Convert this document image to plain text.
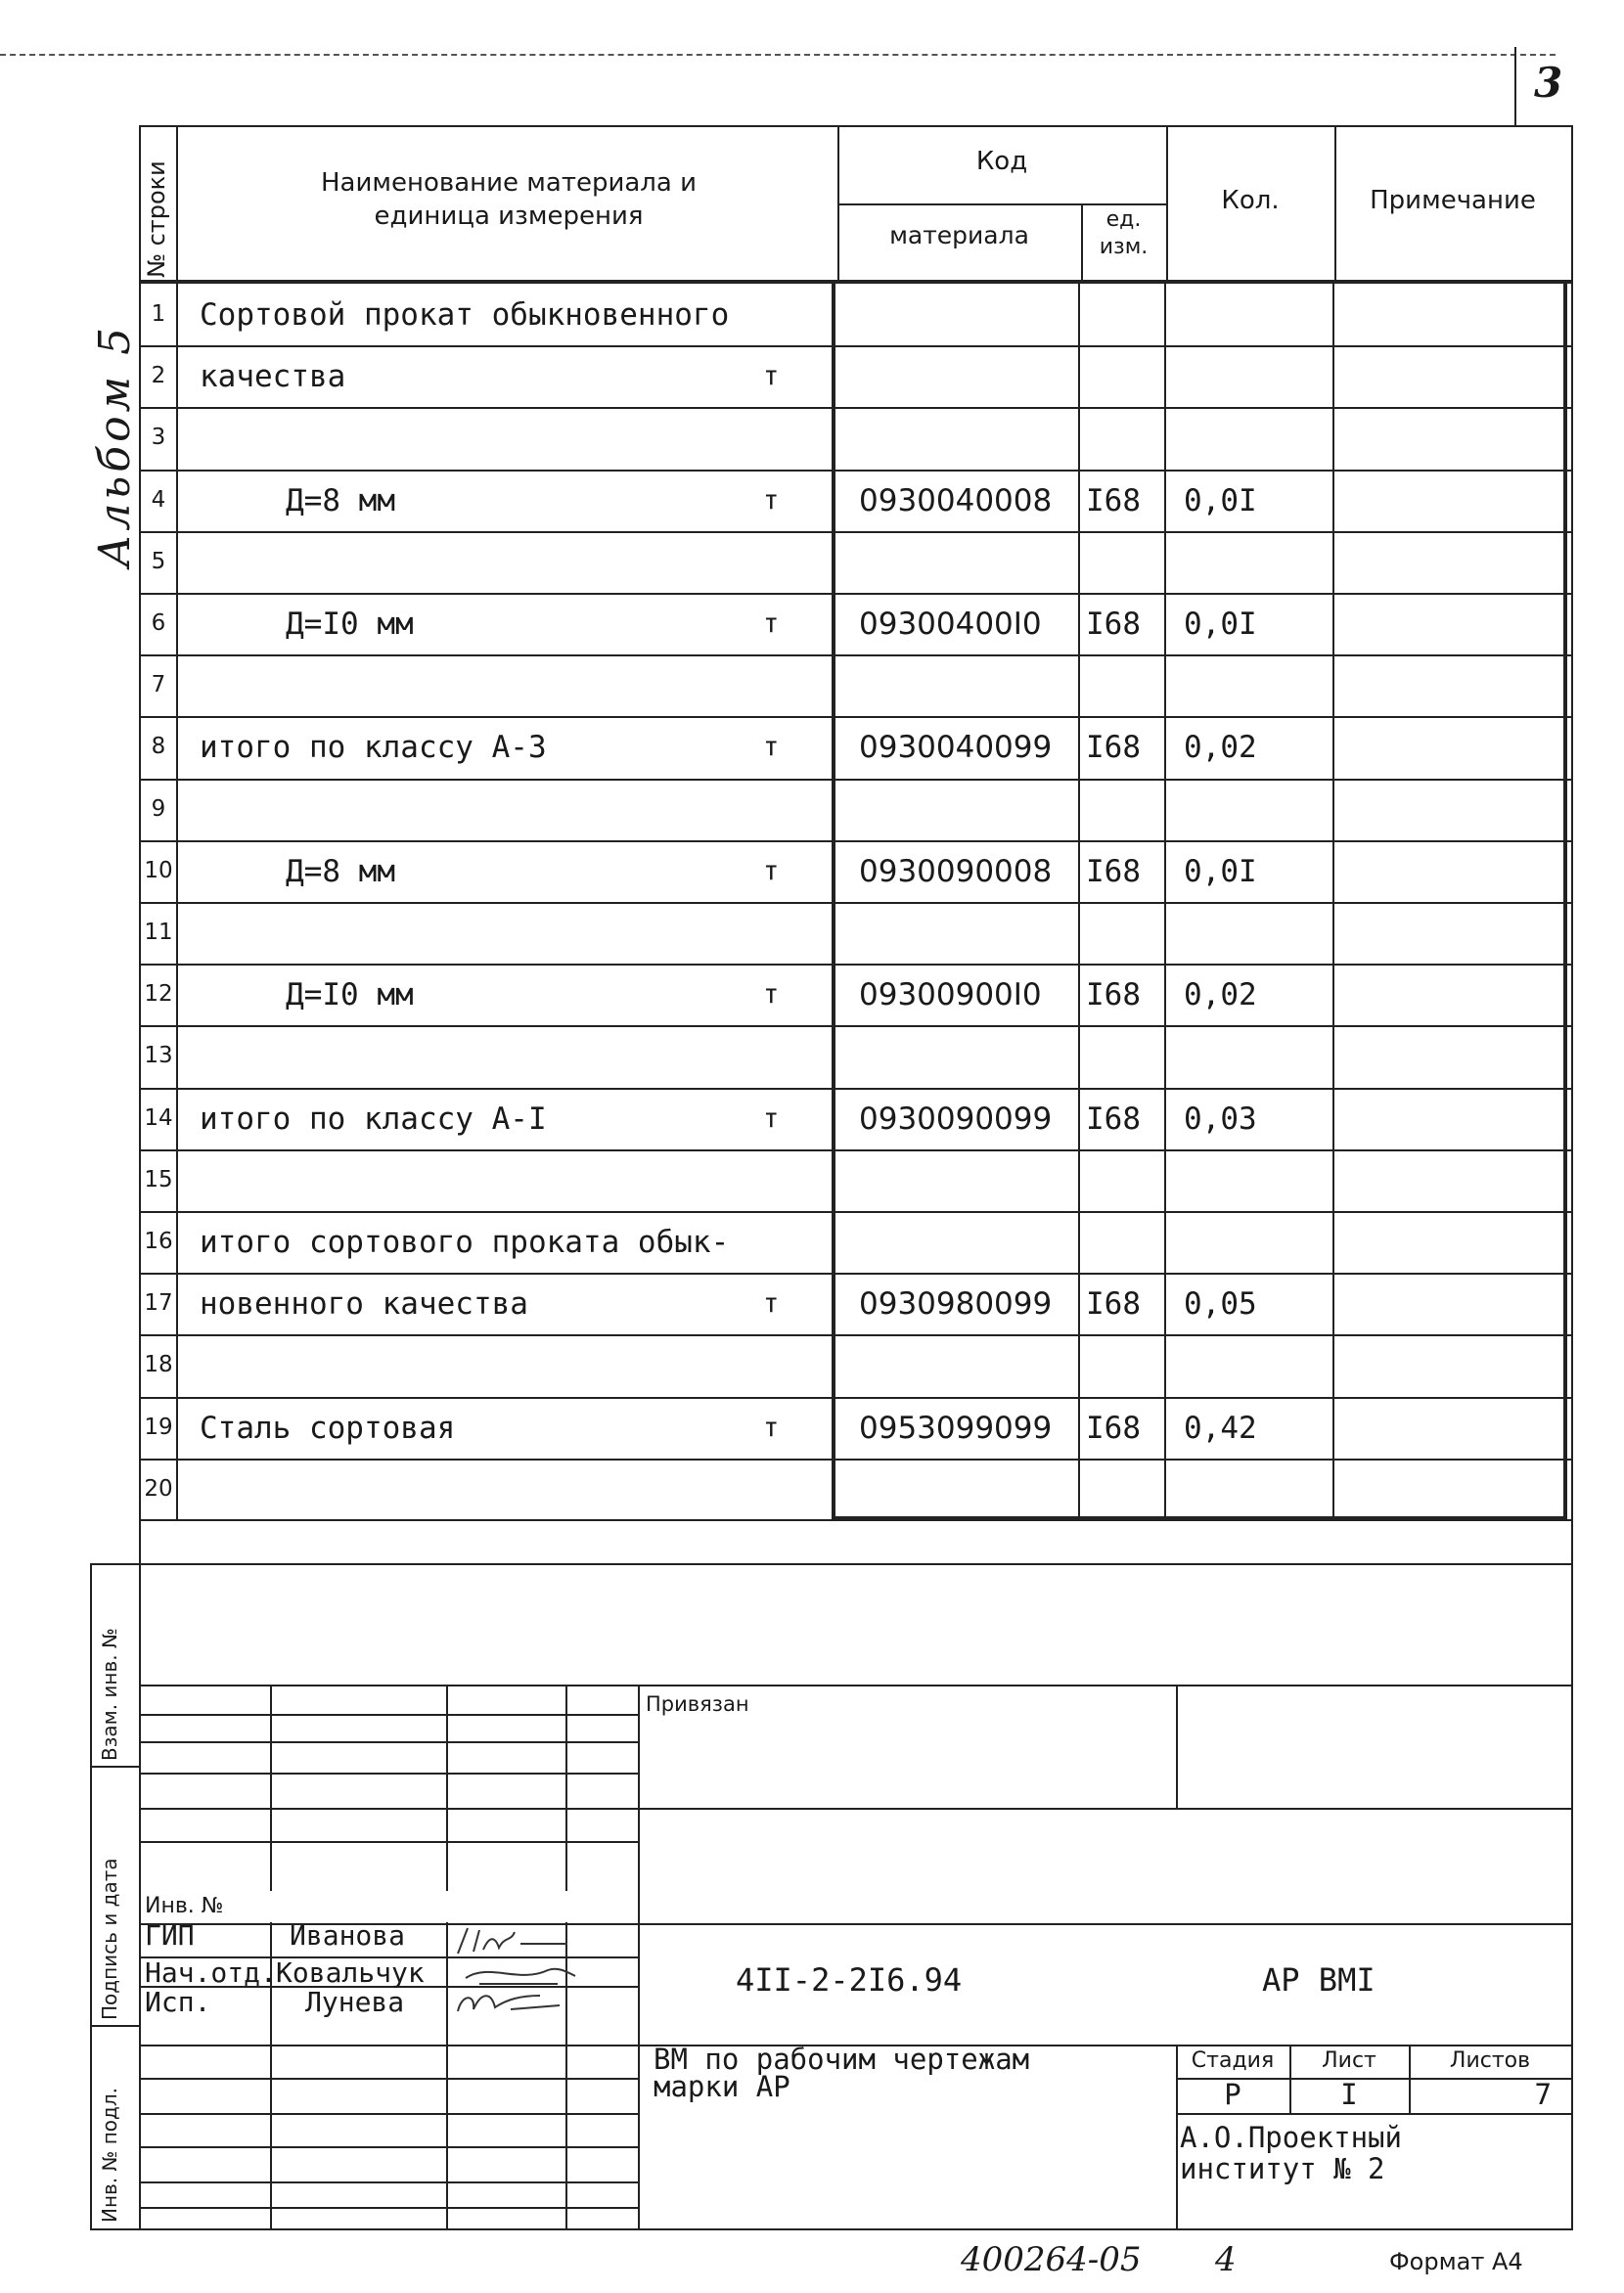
3
Альбом 5
№ строки	Наименование материала и
единица измерения
Код
материала
ед.
изм.
Кол.	Примечание
1	Сортовой прокат обыкновенного
2	качества	т
3
4	Д=8 мм	т	0930040008 I68 0,0I
5
6	Д=I0 мм	т	09300400I0 I68 0,0I
7
8	итого по классу А-3	т	0930040099 I68 0,02
9
10	Д=8 мм	т	0930090008 I68 0,0I
11
12	Д=I0 мм	т	09300900I0 I68 0,02
13
14 итого по классу А-I	т	0930090099 I68 0,03
15
16 итого сортового проката обык-
17 новенного качества	т	0930980099 I68 0,05
18
19 Сталь сортовая	т	0953099099 I68 0,42
20
Взам. инв. №
Подпись и дата
Инв. № подл.
Привязан
Инв. №
ГИП	Иванова
Нач.отд. Ковальчук
Исп.	Лунева
4II-2-2I6.94	АР ВМI
ВМ по рабочим чертежам
марки АР
Стадия	Лист	Листов
Р	I	7
А.О.Проектный
институт № 2
400264-05 4	Формат А4
